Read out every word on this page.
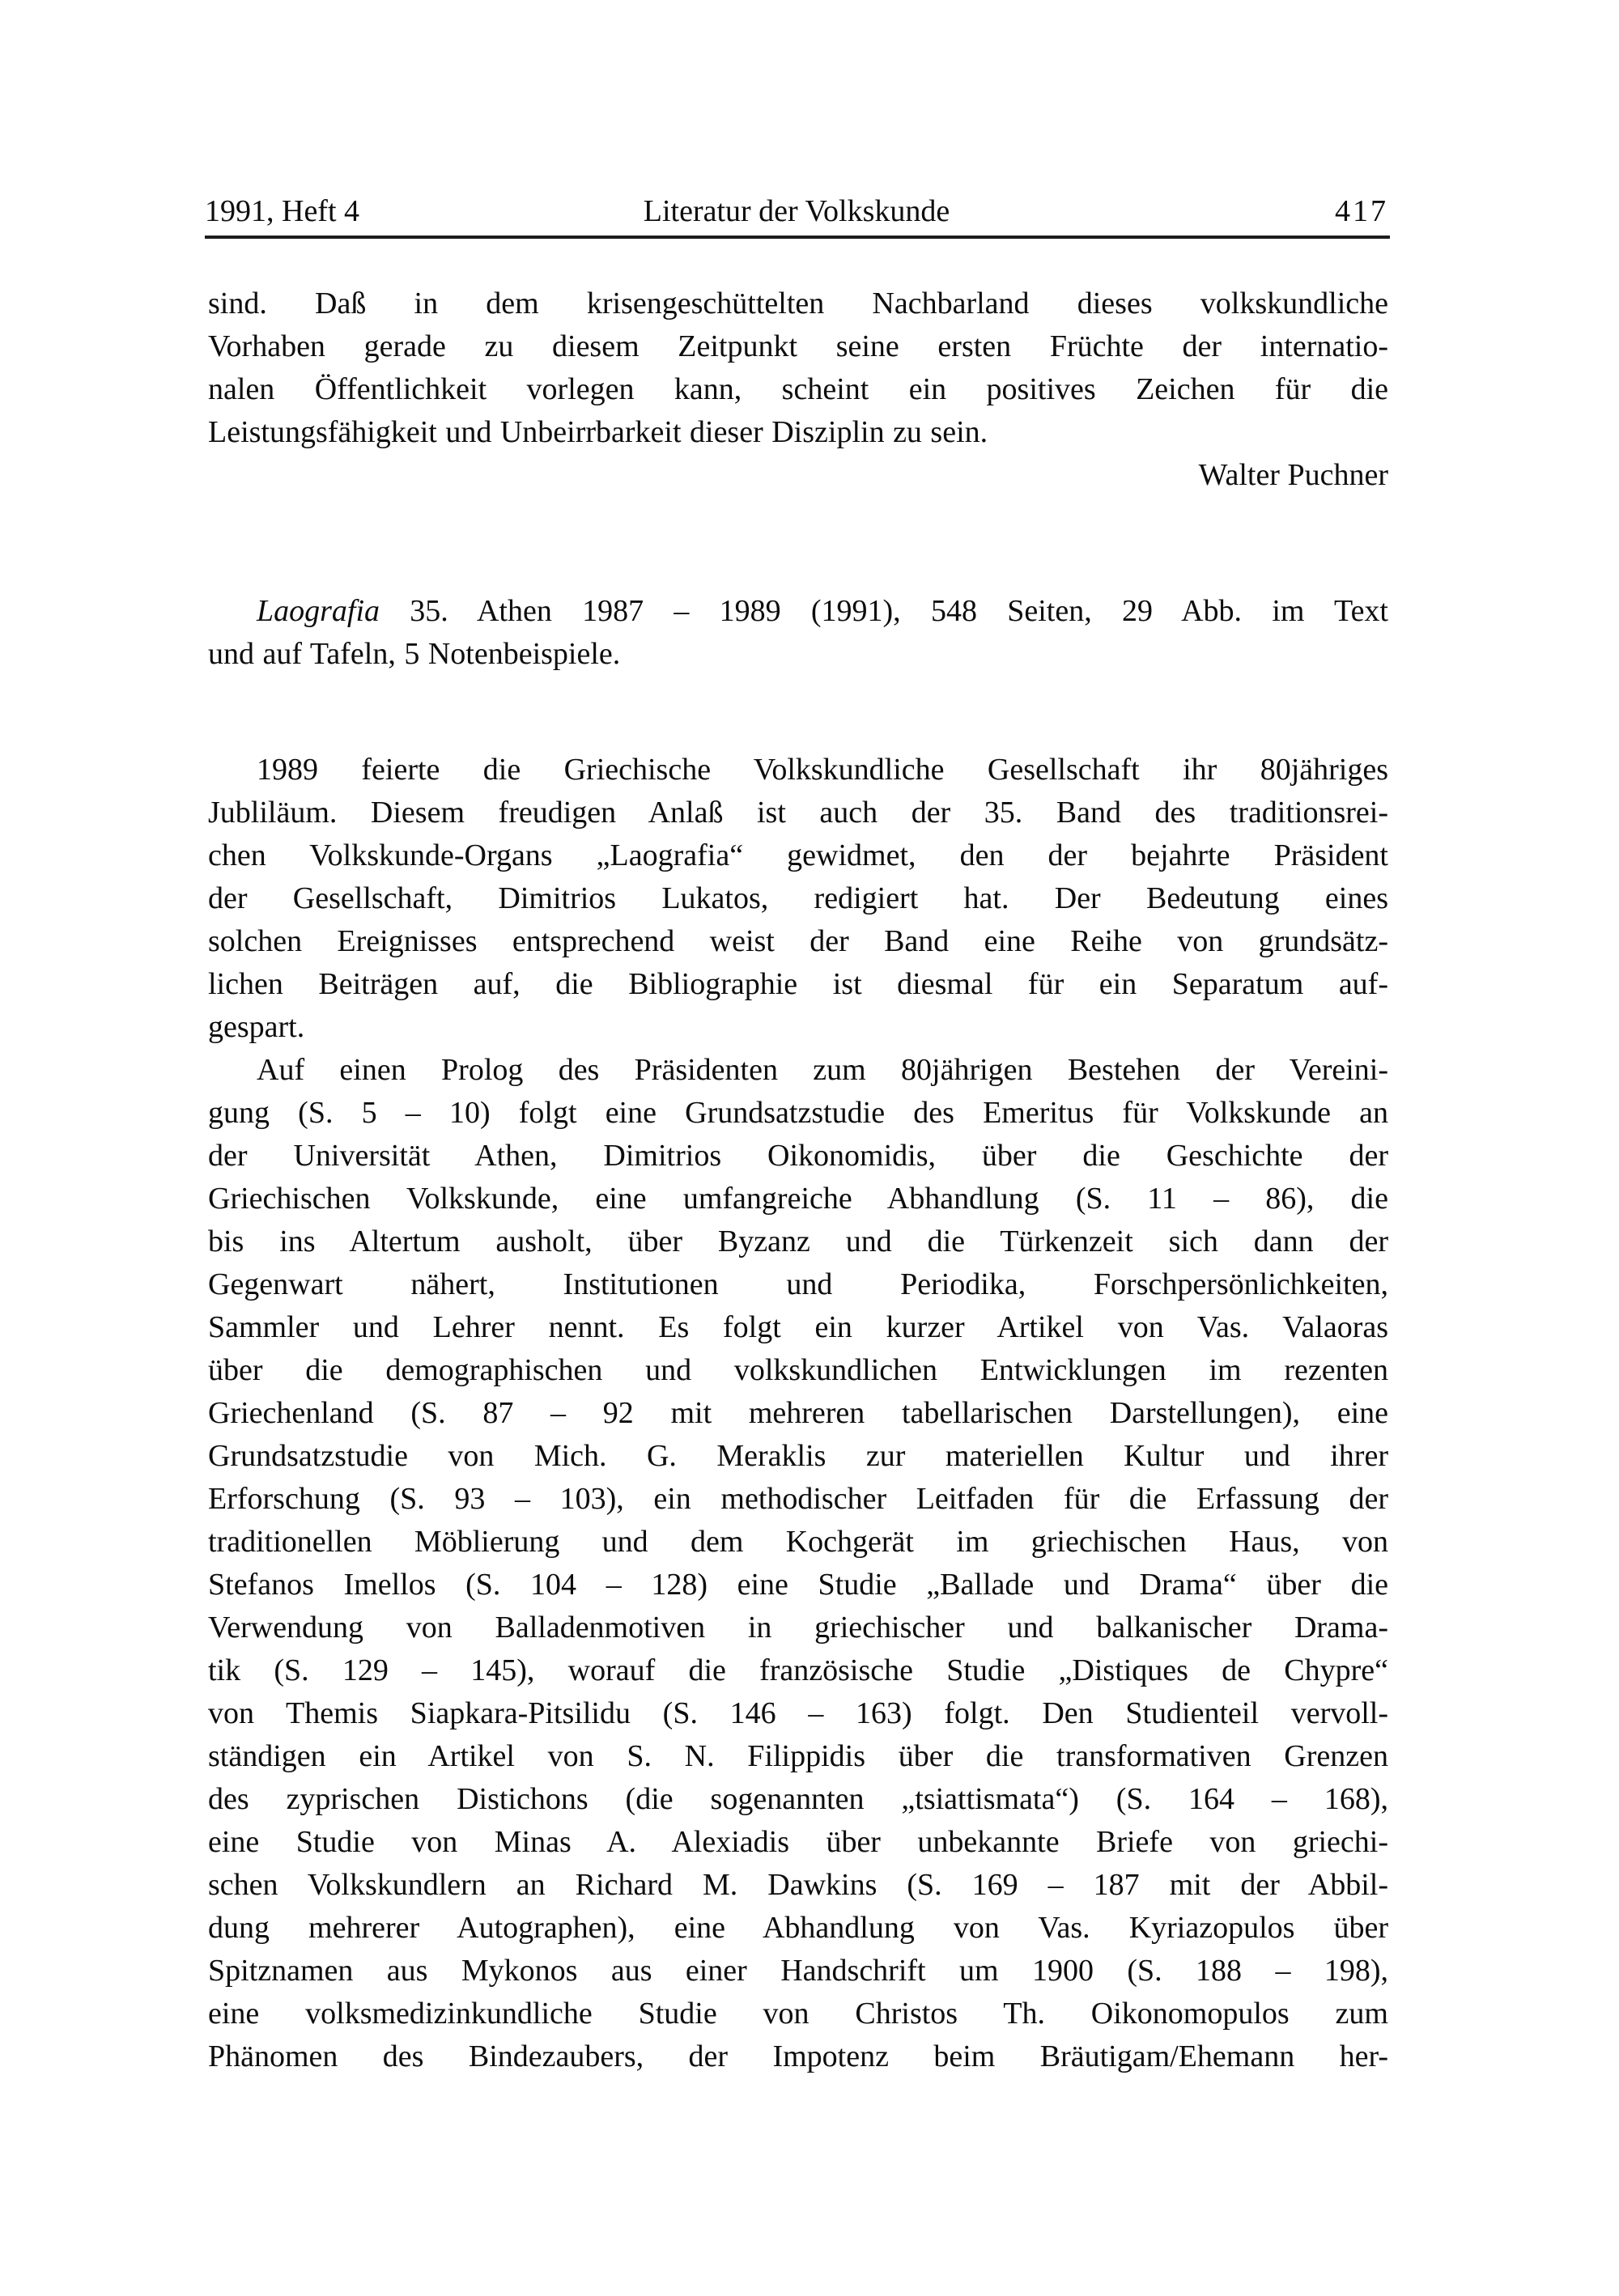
1991, Heft 4	Literatur der Volkskunde	417
sind. Daß in dem krisengeschüttelten Nachbarland dieses volkskundliche
Vorhaben gerade zu diesem Zeitpunkt seine ersten Früchte der internatio-
nalen Öffentlichkeit vorlegen kann, scheint ein positives Zeichen für die
Leistungsfähigkeit und Unbeirrbarkeit dieser Disziplin zu sein.
Walter Puchner
Laografia 35. Athen 1987 – 1989 (1991), 548 Seiten, 29 Abb. im Text
und auf Tafeln, 5 Notenbeispiele.
1989 feierte die Griechische Volkskundliche Gesellschaft ihr 80jähriges
Jubliläum. Diesem freudigen Anlaß ist auch der 35. Band des traditionsrei-
chen Volkskunde-Organs „Laografia“ gewidmet, den der bejahrte Präsident
der Gesellschaft, Dimitrios Lukatos, redigiert hat. Der Bedeutung eines
solchen Ereignisses entsprechend weist der Band eine Reihe von grundsätz-
lichen Beiträgen auf, die Bibliographie ist diesmal für ein Separatum auf-
gespart.
Auf einen Prolog des Präsidenten zum 80jährigen Bestehen der Vereini-
gung (S. 5 – 10) folgt eine Grundsatzstudie des Emeritus für Volkskunde an
der Universität Athen, Dimitrios Oikonomidis, über die Geschichte der
Griechischen Volkskunde, eine umfangreiche Abhandlung (S. 11 – 86), die
bis ins Altertum ausholt, über Byzanz und die Türkenzeit sich dann der
Gegenwart nähert, Institutionen und Periodika, Forschpersönlichkeiten,
Sammler und Lehrer nennt. Es folgt ein kurzer Artikel von Vas. Valaoras
über die demographischen und volkskundlichen Entwicklungen im rezenten
Griechenland (S. 87 – 92 mit mehreren tabellarischen Darstellungen), eine
Grundsatzstudie von Mich. G. Meraklis zur materiellen Kultur und ihrer
Erforschung (S. 93 – 103), ein methodischer Leitfaden für die Erfassung der
traditionellen Möblierung und dem Kochgerät im griechischen Haus, von
Stefanos Imellos (S. 104 – 128) eine Studie „Ballade und Drama“ über die
Verwendung von Balladenmotiven in griechischer und balkanischer Drama-
tik (S. 129 – 145), worauf die französische Studie „Distiques de Chypre“
von Themis Siapkara-Pitsilidu (S. 146 – 163) folgt. Den Studienteil vervoll-
ständigen ein Artikel von S. N. Filippidis über die transformativen Grenzen
des zyprischen Distichons (die sogenannten „tsiattismata“) (S. 164 – 168),
eine Studie von Minas A. Alexiadis über unbekannte Briefe von griechi-
schen Volkskundlern an Richard M. Dawkins (S. 169 – 187 mit der Abbil-
dung mehrerer Autographen), eine Abhandlung von Vas. Kyriazopulos über
Spitznamen aus Mykonos aus einer Handschrift um 1900 (S. 188 – 198),
eine volksmedizinkundliche Studie von Christos Th. Oikonomopulos zum
Phänomen des Bindezaubers, der Impotenz beim Bräutigam/Ehemann her-
